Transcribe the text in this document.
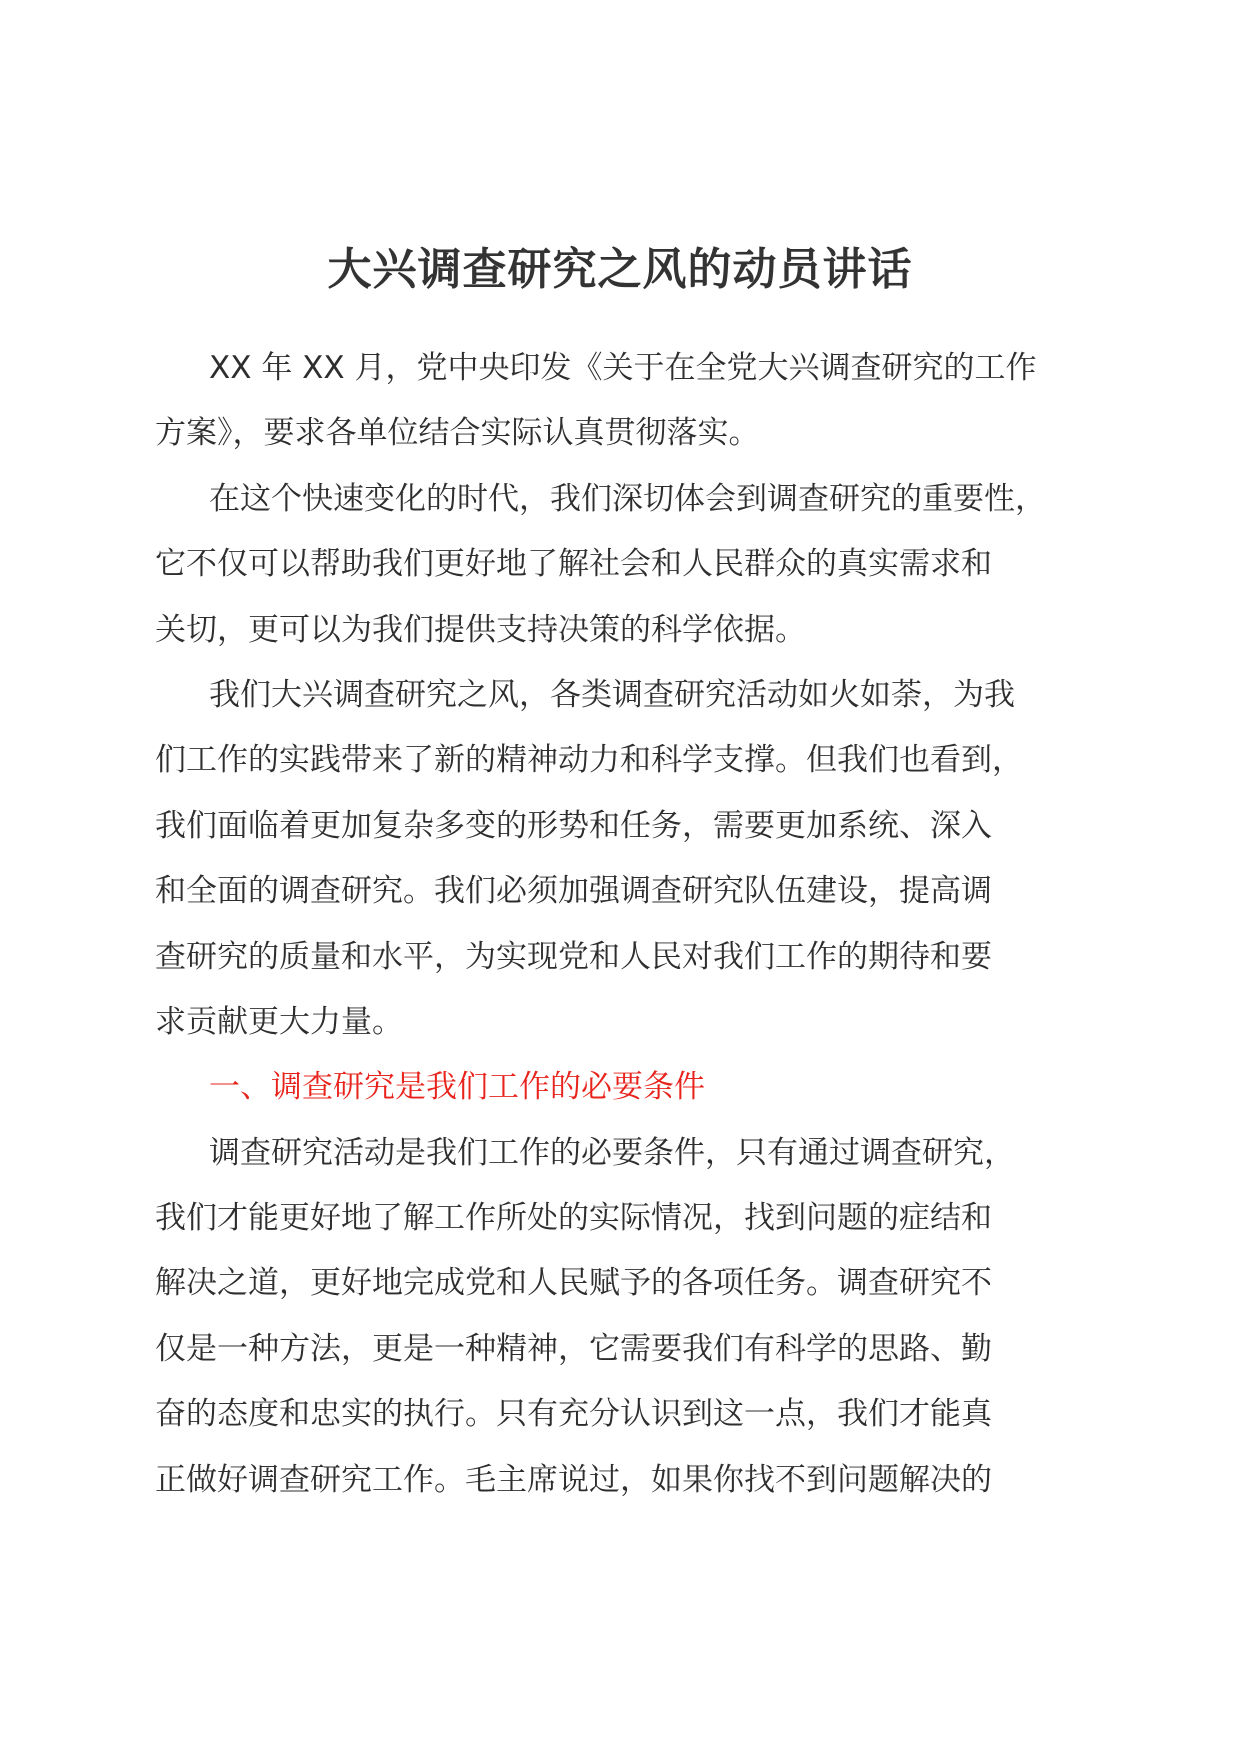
大兴调查研究之风的动员讲话
XX 年 XX 月，党中央印发《关于在全党大兴调查研究的工作
方案》，要求各单位结合实际认真贯彻落实。
在这个快速变化的时代，我们深切体会到调查研究的重要性，
它不仅可以帮助我们更好地了解社会和人民群众的真实需求和
关切，更可以为我们提供支持决策的科学依据。
我们大兴调查研究之风，各类调查研究活动如火如荼，为我
们工作的实践带来了新的精神动力和科学支撑。但我们也看到，
我们面临着更加复杂多变的形势和任务，需要更加系统、深入
和全面的调查研究。我们必须加强调查研究队伍建设，提高调
查研究的质量和水平，为实现党和人民对我们工作的期待和要
求贡献更大力量。
一、调查研究是我们工作的必要条件
调查研究活动是我们工作的必要条件，只有通过调查研究，
我们才能更好地了解工作所处的实际情况，找到问题的症结和
解决之道，更好地完成党和人民赋予的各项任务。调查研究不
仅是一种方法，更是一种精神，它需要我们有科学的思路、勤
奋的态度和忠实的执行。只有充分认识到这一点，我们才能真
正做好调查研究工作。毛主席说过，如果你找不到问题解决的
